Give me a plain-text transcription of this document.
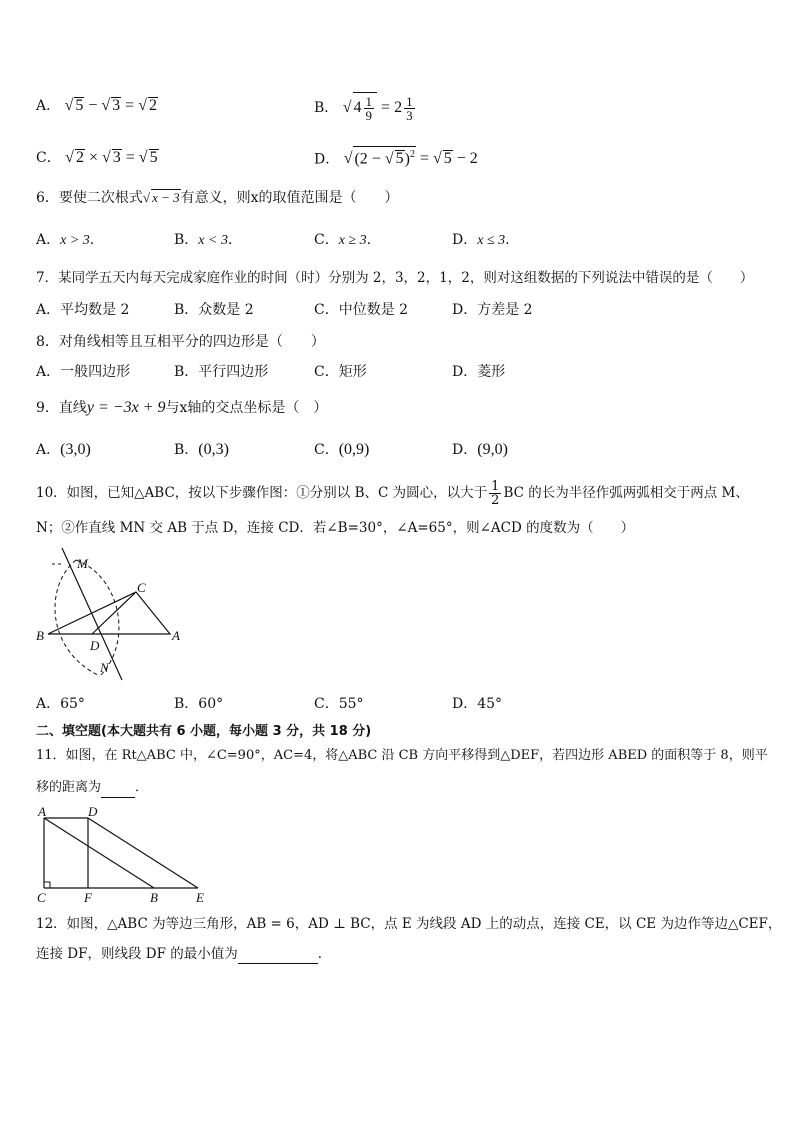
A． √ 5 − √ 3 = √ 2	B． √ $4 \frac{1}{9} = 2 \frac{1}{3}$
C． √ 2 × √ 3 = √ 5	D． √ (2 − √ 5)$^2$ = √ 5 − 2
6．要使二次根式√ x − 3有意义，则x的取值范围是（　　）
A．x > 3.	B．x < 3.	C．x ≥ 3.	D．x ≤ 3.
7．某同学五天内每天完成家庭作业的时间（时）分别为 2，3，2，1，2，则对这组数据的下列说法中错误的是（　　）
A．平均数是 2	B．众数是 2	C．中位数是 2	D．方差是 2
8．对角线相等且互相平分的四边形是（　　）
A．一般四边形	B．平行四边形	C．矩形	D．菱形
9．直线y = −3x + 9与x轴的交点坐标是（　）
A．(3,0)	B．(0,3)	C．(0,9)	D．(9,0)
10．如图，已知△ABC，按以下步骤作图：①分别以 B、C 为圆心，以大于 $\frac{1}{2}$ BC 的长为半径作弧两弧相交于两点 M、
N；②作直线 MN 交 AB 于点 D，连接 CD．若∠B=30°，∠A=65°，则∠ACD 的度数为（　　）
M
C
B
D
A
N
A．65°	B．60°	C．55°	D．45°
二、填空题(本大题共有 6 小题，每小题 3 分，共 18 分)
11．如图，在 Rt△ABC 中，∠C=90°，AC=4，将△ABC 沿 CB 方向平移得到△DEF，若四边形 ABED 的面积等于 8，则平
移的距离为	．
A	D
C	F	B	E
12．如图，△ABC 为等边三角形，AB = 6，AD ⊥ BC，点 E 为线段 AD 上的动点，连接 CE，以 CE 为边作等边△CEF，
连接 DF，则线段 DF 的最小值为	．
